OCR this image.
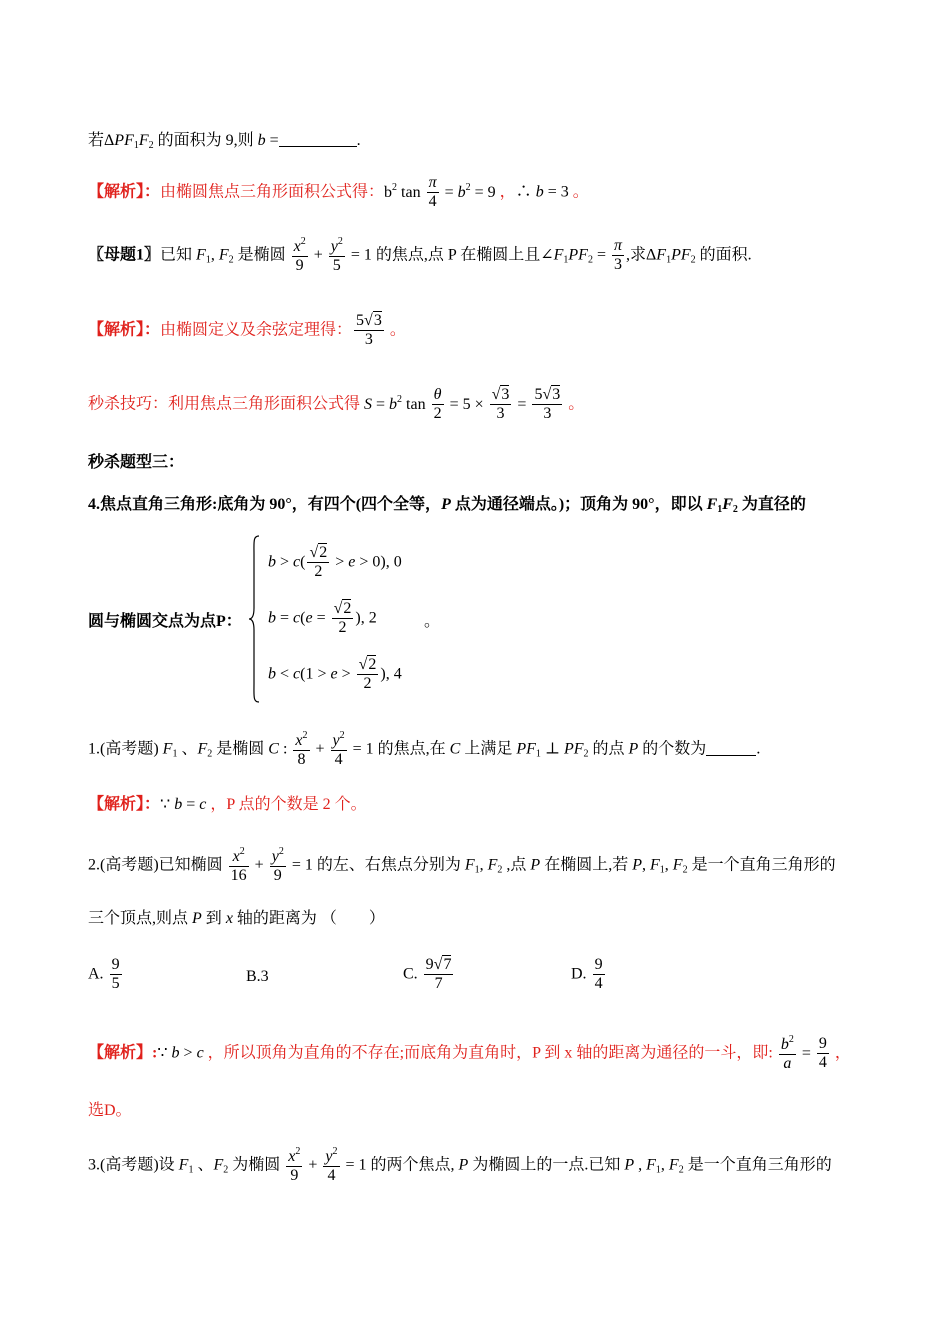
若$\Delta PF_1F_2$ 的面积为 9,则 b =	.
【解析】：由椭圆焦点三角形面积公式得：$b^2$ $\tan \frac{\pi}{4} = b^2 = 9$ ，∴ b = 3 。
〖母题1〗已知 $F_1$, $F_2$ 是椭圆 $\frac{x^2}{9} + \frac{y^2}{5} = 1$ 的焦点,点 P 在椭圆上且$\angle F_1PF_2 = \frac{\pi}{3}$ ,求$\Delta F_1PF_2$ 的面积.
【解析】：由椭圆定义及余弦定理得： $\frac{5√3}{3}$ 。
秒杀技巧：利用焦点三角形面积公式得 $S = b^2$ $\tan \frac{\theta}{2} = 5 \times \frac{√3}{3} = \frac{5√3}{3}$ 。
秒杀题型三：
4.焦点直角三角形:底角为 90°，有四个(四个全等，P 点为通径端点。)；顶角为 90°，即以 $F_1F_2$ 为直径的
圆与椭圆交点为点P：
$b > c( \frac{√2}{2} > e > 0)$, 0
$b = c(e = \frac{√2}{2}$ ), 2
$b < c(1 > e > \frac{√2}{2}$ ), 4
。
1.(高考题) $F_1$ 、$F_2$ 是椭圆 C : $\frac{x^2}{8} + \frac{y^2}{4} = 1$ 的焦点,在 C 上满足 $PF_1$ ⊥ $PF_2$ 的点 P 的个数为	.
【解析】：∵ b = c ，P 点的个数是 2 个。
2.(高考题)已知椭圆 $\frac{x^2}{16} + \frac{y^2}{9} = 1$ 的左、右焦点分别为 $F_1$, $F_2$ ,点 P 在椭圆上,若 P, $F_1$, $F_2$ 是一个直角三角形的
三个顶点,则点 P 到 x 轴的距离为 （　　）
A. $\frac{9}{5}$	B.3	C. $\frac{9√7}{7}$	D. $\frac{9}{4}$
【解析】:∵ b > c ，所以顶角为直角的不存在;而底角为直角时，P 到 x 轴的距离为通径的一斗，即: $\frac{b^2}{a} = \frac{9}{4}$ ，
选D。
3.(高考题)设 $F_1$ 、$F_2$ 为椭圆 $\frac{x^2}{9} + \frac{y^2}{4} = 1$ 的两个焦点, P 为椭圆上的一点.已知 P , $F_1$, $F_2$ 是一个直角三角形的
